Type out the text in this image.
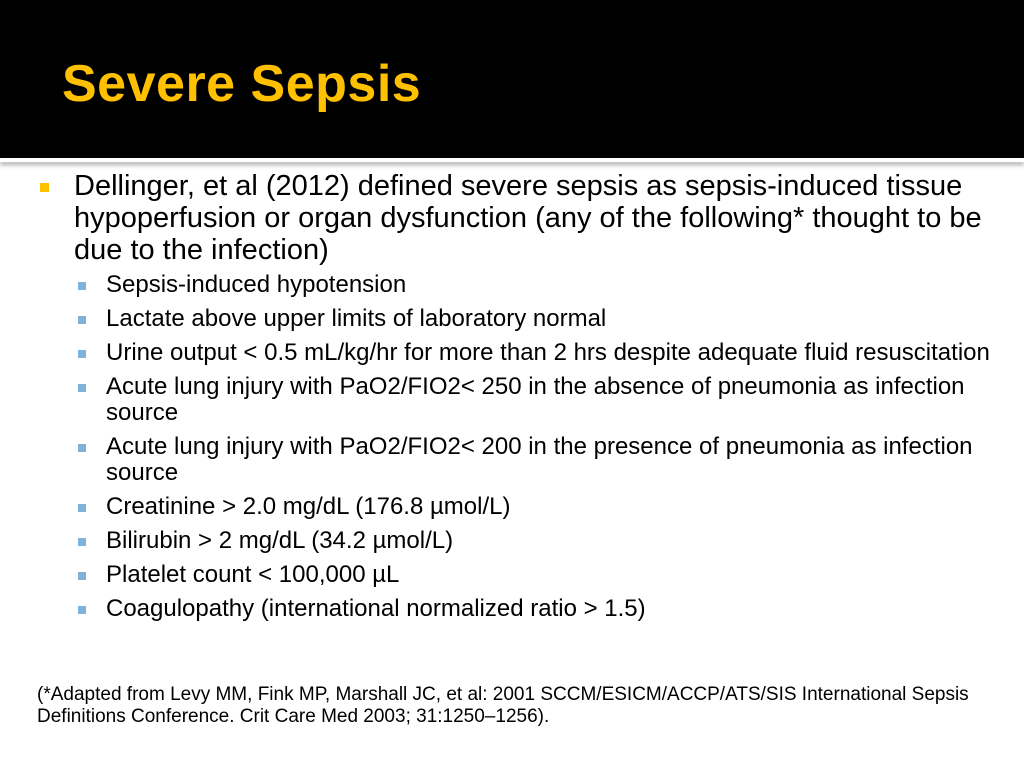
Severe Sepsis

Dellinger, et al (2012) defined severe sepsis as sepsis-induced tissue hypoperfusion or organ dysfunction (any of the following* thought to be due to the infection)

Sepsis-induced hypotension
Lactate above upper limits of laboratory normal
Urine output < 0.5 mL/kg/hr for more than 2 hrs despite adequate fluid resuscitation
Acute lung injury with PaO2/FIO2< 250 in the absence of pneumonia as infection source
Acute lung injury with PaO2/FIO2< 200 in the presence of pneumonia as infection source
Creatinine > 2.0 mg/dL (176.8 µmol/L)
Bilirubin > 2 mg/dL (34.2 µmol/L)
Platelet count < 100,000 µL
Coagulopathy (international normalized ratio > 1.5)

(*Adapted from Levy MM, Fink MP, Marshall JC, et al: 2001 SCCM/ESICM/ACCP/ATS/SIS International Sepsis Definitions Conference. Crit Care Med 2003; 31:1250–1256).
